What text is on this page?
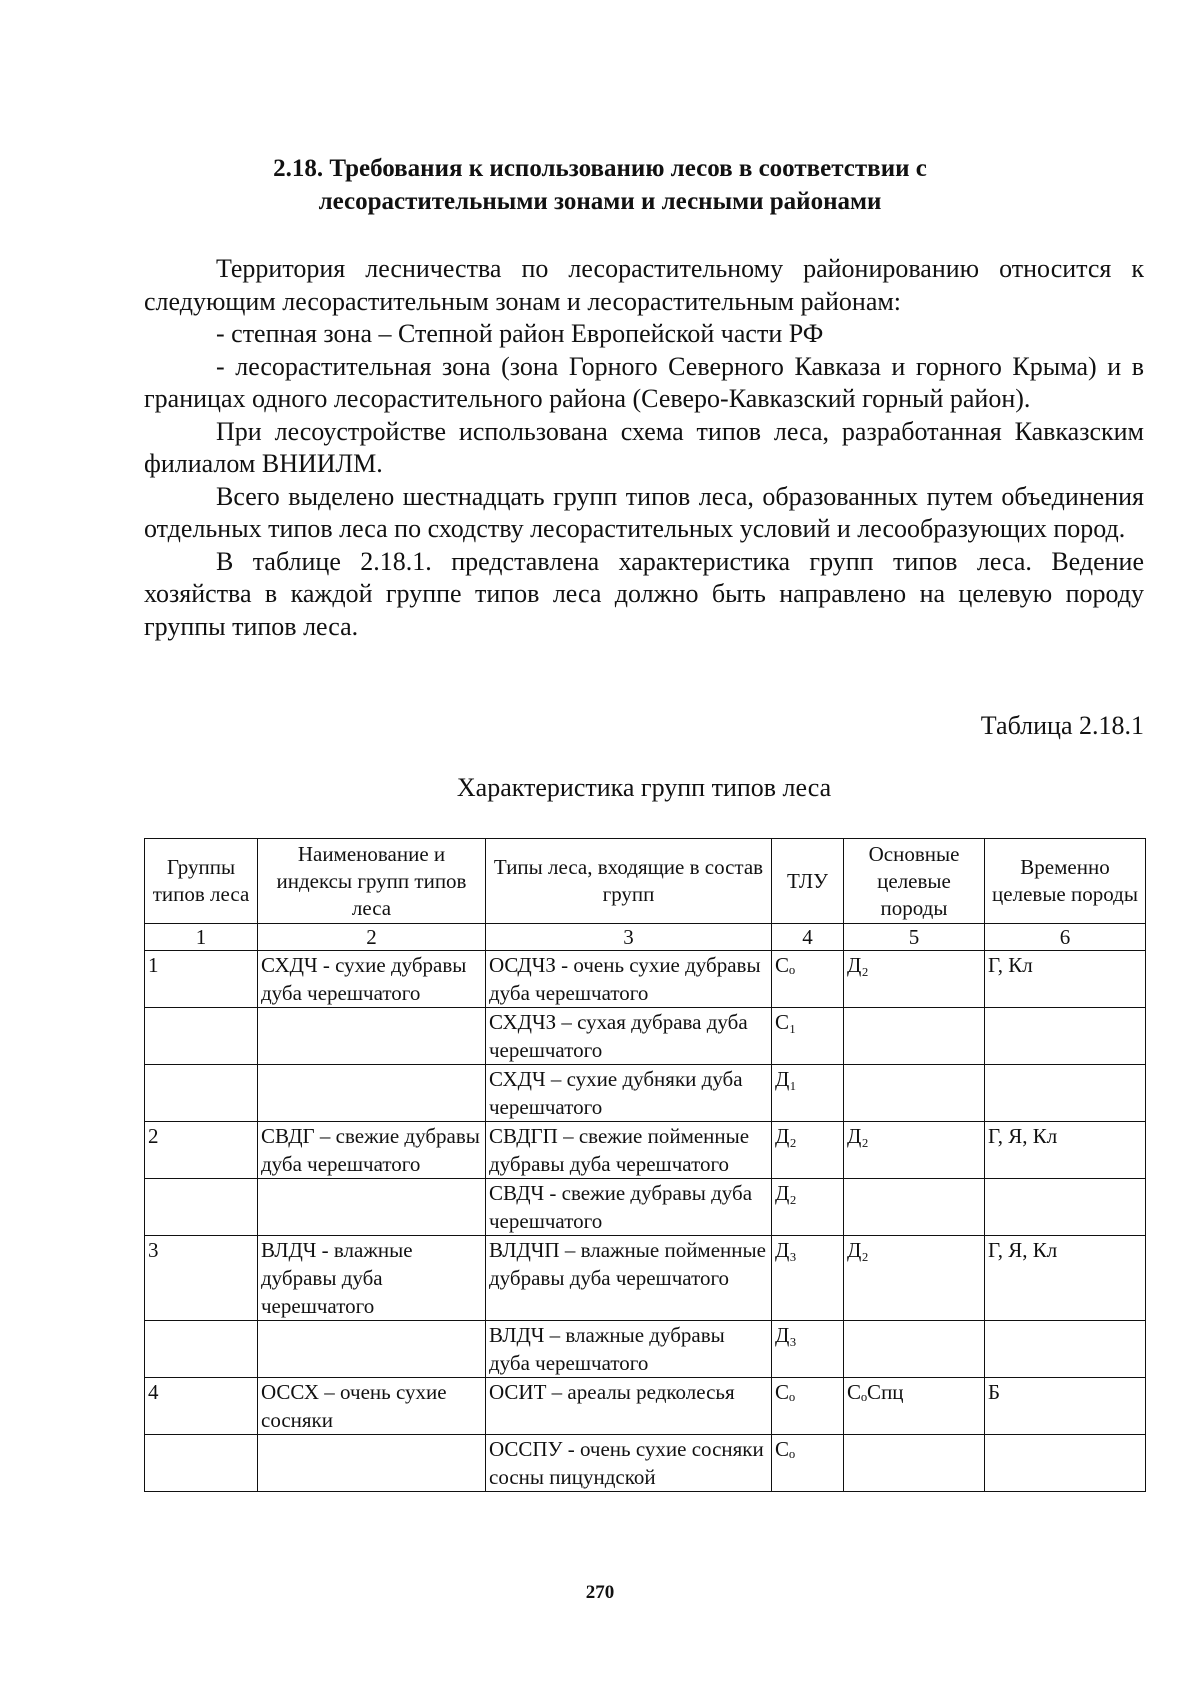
2.18. Требования к использованию лесов в соответствии с
лесорастительными зонами и лесными районами

Территория лесничества по лесорастительному районированию относится к следующим лесорастительным зонам и лесорастительным районам:

- степная зона – Степной район Европейской части РФ

- лесорастительная зона (зона Горного Северного Кавказа и горного Крыма) и в границах одного лесорастительного района (Северо-Кавказский горный район).

При лесоустройстве использована схема типов леса, разработанная Кавказским филиалом ВНИИЛМ.

Всего выделено шестнадцать групп типов леса, образованных путем объединения отдельных типов леса по сходству лесорастительных условий и лесообразующих пород.

В таблице 2.18.1. представлена характеристика групп типов леса. Ведение хозяйства в каждой группе типов леса должно быть направлено на целевую породу группы типов леса.

Таблица 2.18.1
Характеристика групп типов леса
Группы типов леса	Наименование и индексы групп типов леса	Типы леса, входящие в состав групп	ТЛУ	Основные целевые породы	Временно целевые породы
1	2	3	4	5	6
1	СХДЧ - сухие дубравы дуба черешчатого	ОСДЧЗ - очень сухие дубравы дуба черешчатого	Cₒ	Д₂	Г, Кл
		СХДЧЗ – сухая дубрава дуба черешчатого	C₁		
		СХДЧ – сухие дубняки дуба черешчатого	Д₁		
2	СВДГ – свежие дубравы дуба черешчатого	СВДГП – свежие пойменные дубравы дуба черешчатого	Д₂	Д₂	Г, Я, Кл
		СВДЧ - свежие дубравы дуба черешчатого	Д₂		
3	ВЛДЧ - влажные дубравы дуба черешчатого	ВЛДЧП – влажные пойменные дубравы дуба черешчатого	Д₃	Д₂	Г, Я, Кл
		ВЛДЧ – влажные дубравы дуба черешчатого	Д₃		
4	ОССХ – очень сухие сосняки	ОСИТ – ареалы редколесья	Cₒ	CₒCпц	Б
		ОССПУ - очень сухие сосняки сосны пицундской	Cₒ		
270
